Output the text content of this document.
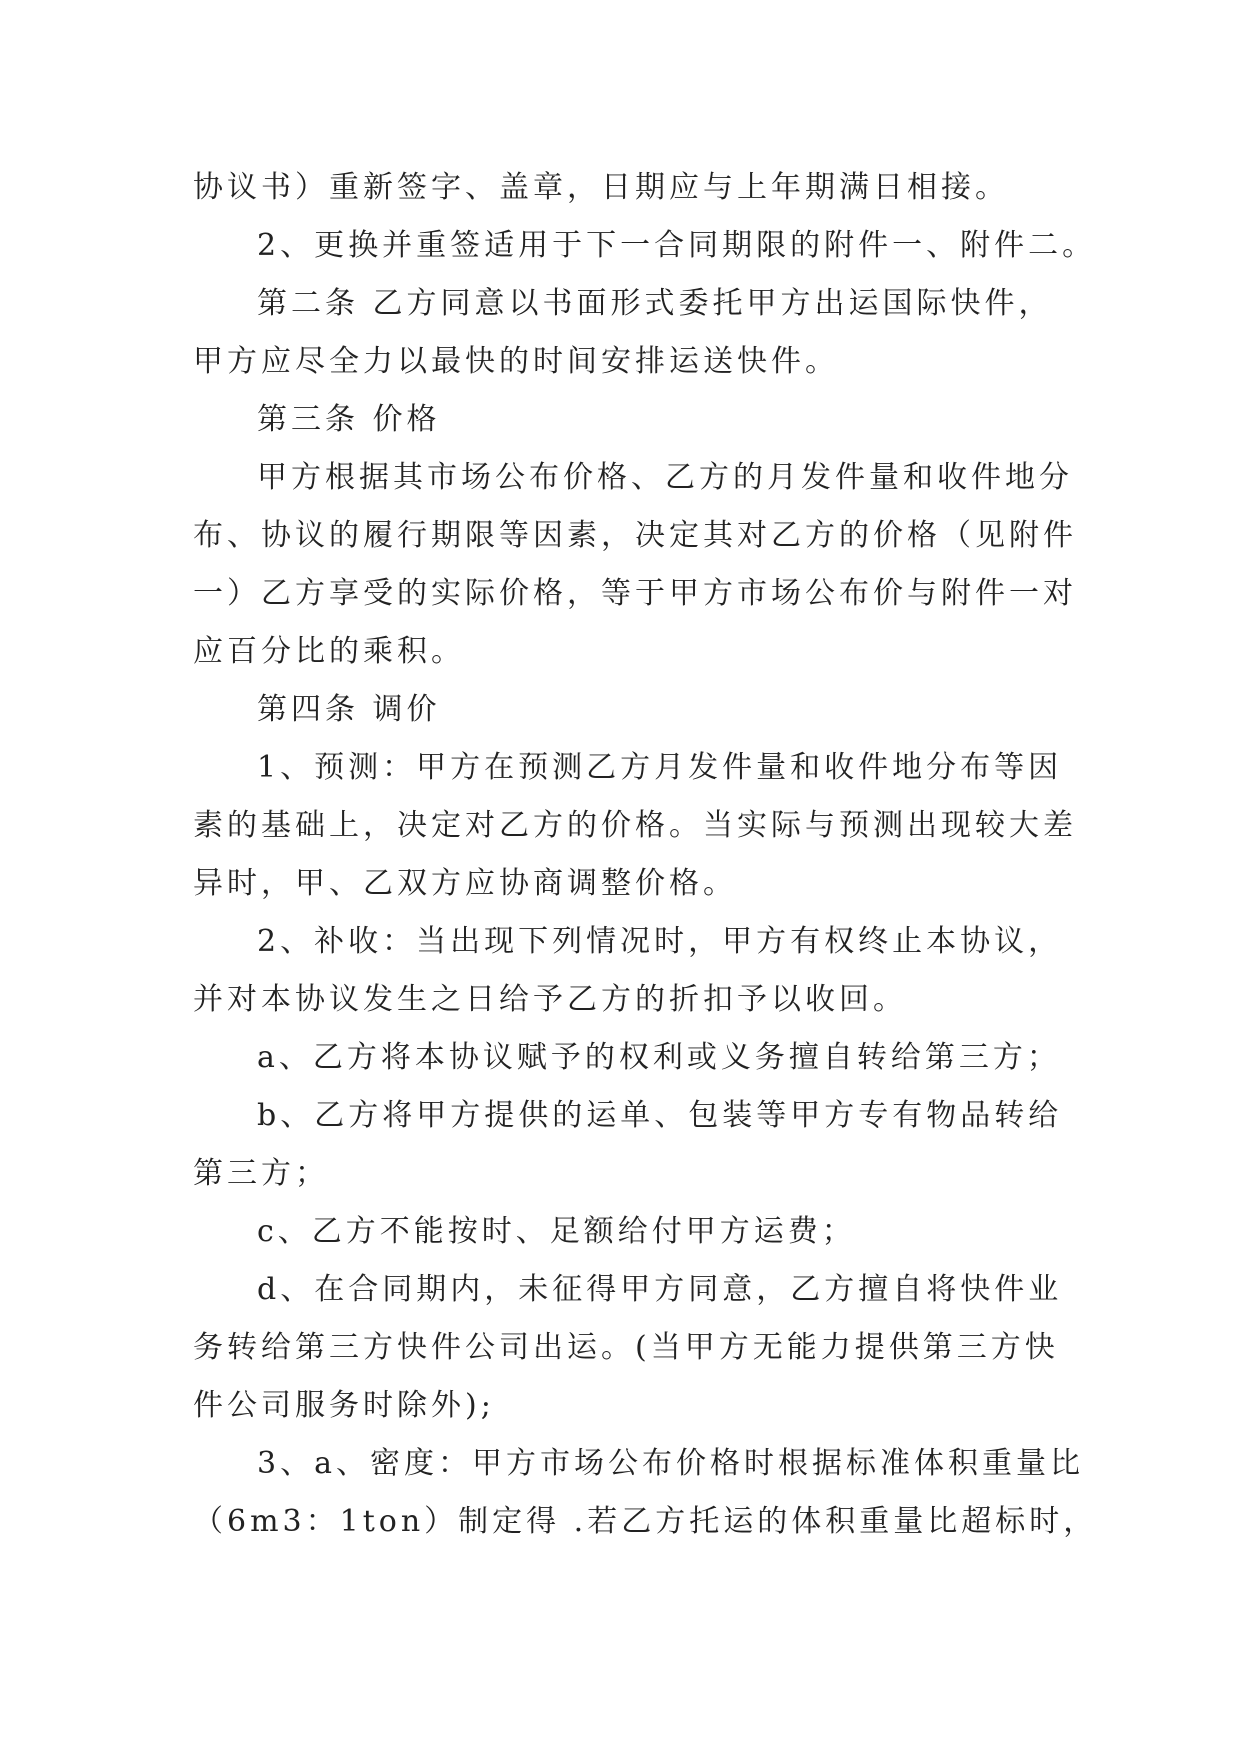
协议书）重新签字、盖章，日期应与上年期满日相接。

2、更换并重签适用于下一合同期限的附件一、附件二。

第二条 乙方同意以书面形式委托甲方出运国际快件，

甲方应尽全力以最快的时间安排运送快件。

第三条 价格

甲方根据其市场公布价格、乙方的月发件量和收件地分

布、协议的履行期限等因素，决定其对乙方的价格（见附件

一）乙方享受的实际价格，等于甲方市场公布价与附件一对

应百分比的乘积。

第四条 调价

1、预测：甲方在预测乙方月发件量和收件地分布等因

素的基础上，决定对乙方的价格。当实际与预测出现较大差

异时，甲、乙双方应协商调整价格。

2、补收：当出现下列情况时，甲方有权终止本协议，

并对本协议发生之日给予乙方的折扣予以收回。

a、乙方将本协议赋予的权利或义务擅自转给第三方；

b、乙方将甲方提供的运单、包装等甲方专有物品转给

第三方；

c、乙方不能按时、足额给付甲方运费；

d、在合同期内，未征得甲方同意，乙方擅自将快件业

务转给第三方快件公司出运。(当甲方无能力提供第三方快

件公司服务时除外);

3、a、密度：甲方市场公布价格时根据标准体积重量比

（6m3：1ton）制定得 .若乙方托运的体积重量比超标时，
